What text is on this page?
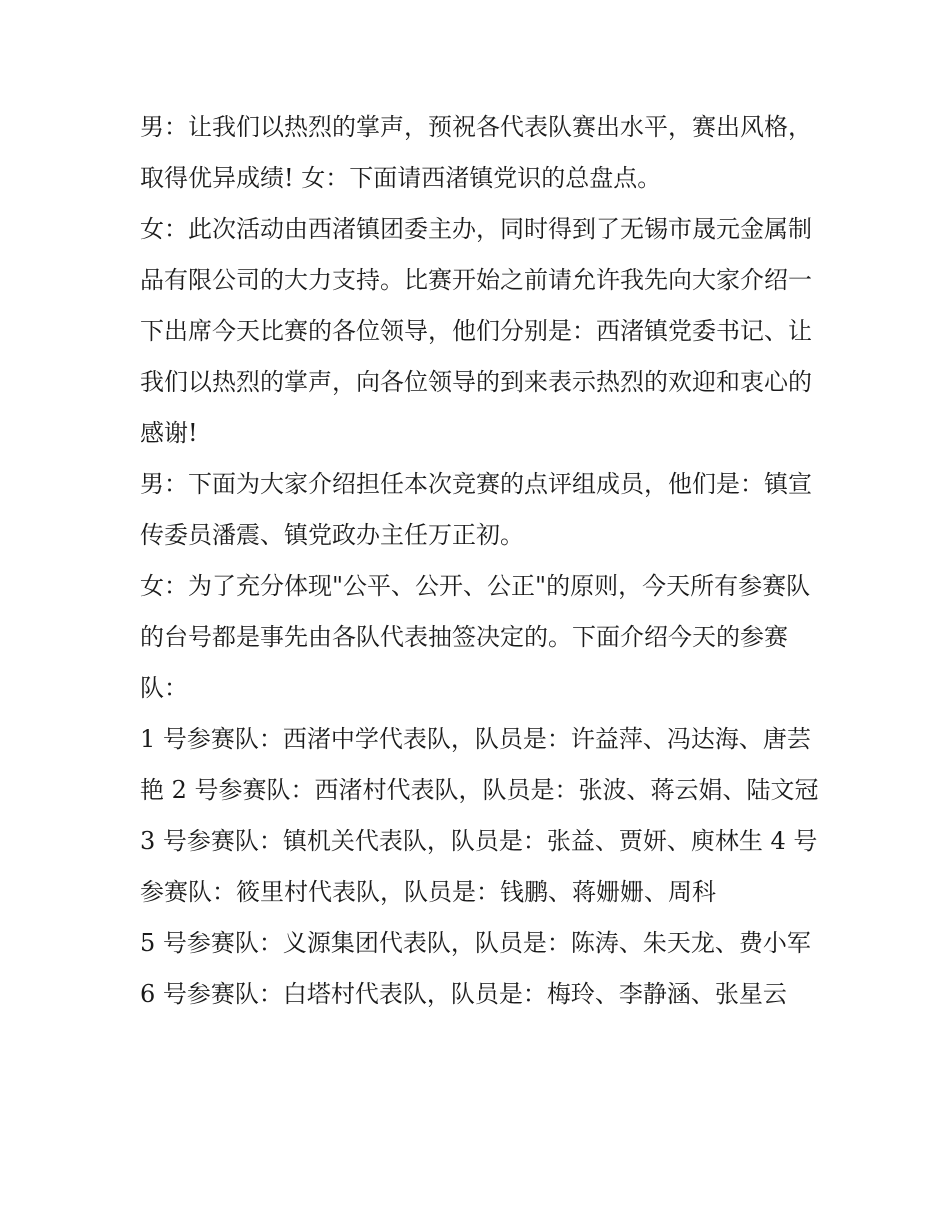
男：让我们以热烈的掌声，预祝各代表队赛出水平，赛出风格，取得优异成绩! 女：下面请西渚镇党识的总盘点。

女：此次活动由西渚镇团委主办，同时得到了无锡市晟元金属制品有限公司的大力支持。比赛开始之前请允许我先向大家介绍一下出席今天比赛的各位领导，他们分别是：西渚镇党委书记、让我们以热烈的掌声，向各位领导的到来表示热烈的欢迎和衷心的感谢!

男：下面为大家介绍担任本次竞赛的点评组成员，他们是：镇宣传委员潘震、镇党政办主任万正初。

女：为了充分体现"公平、公开、公正"的原则，今天所有参赛队的台号都是事先由各队代表抽签决定的。下面介绍今天的参赛队：

1 号参赛队：西渚中学代表队，队员是：许益萍、冯达海、唐芸艳 2 号参赛队：西渚村代表队，队员是：张波、蒋云娟、陆文冠

3 号参赛队：镇机关代表队，队员是：张益、贾妍、庾林生 4 号参赛队：筱里村代表队，队员是：钱鹏、蒋姗姗、周科

5 号参赛队：义源集团代表队，队员是：陈涛、朱天龙、费小军 6 号参赛队：白塔村代表队，队员是：梅玲、李静涵、张星云
